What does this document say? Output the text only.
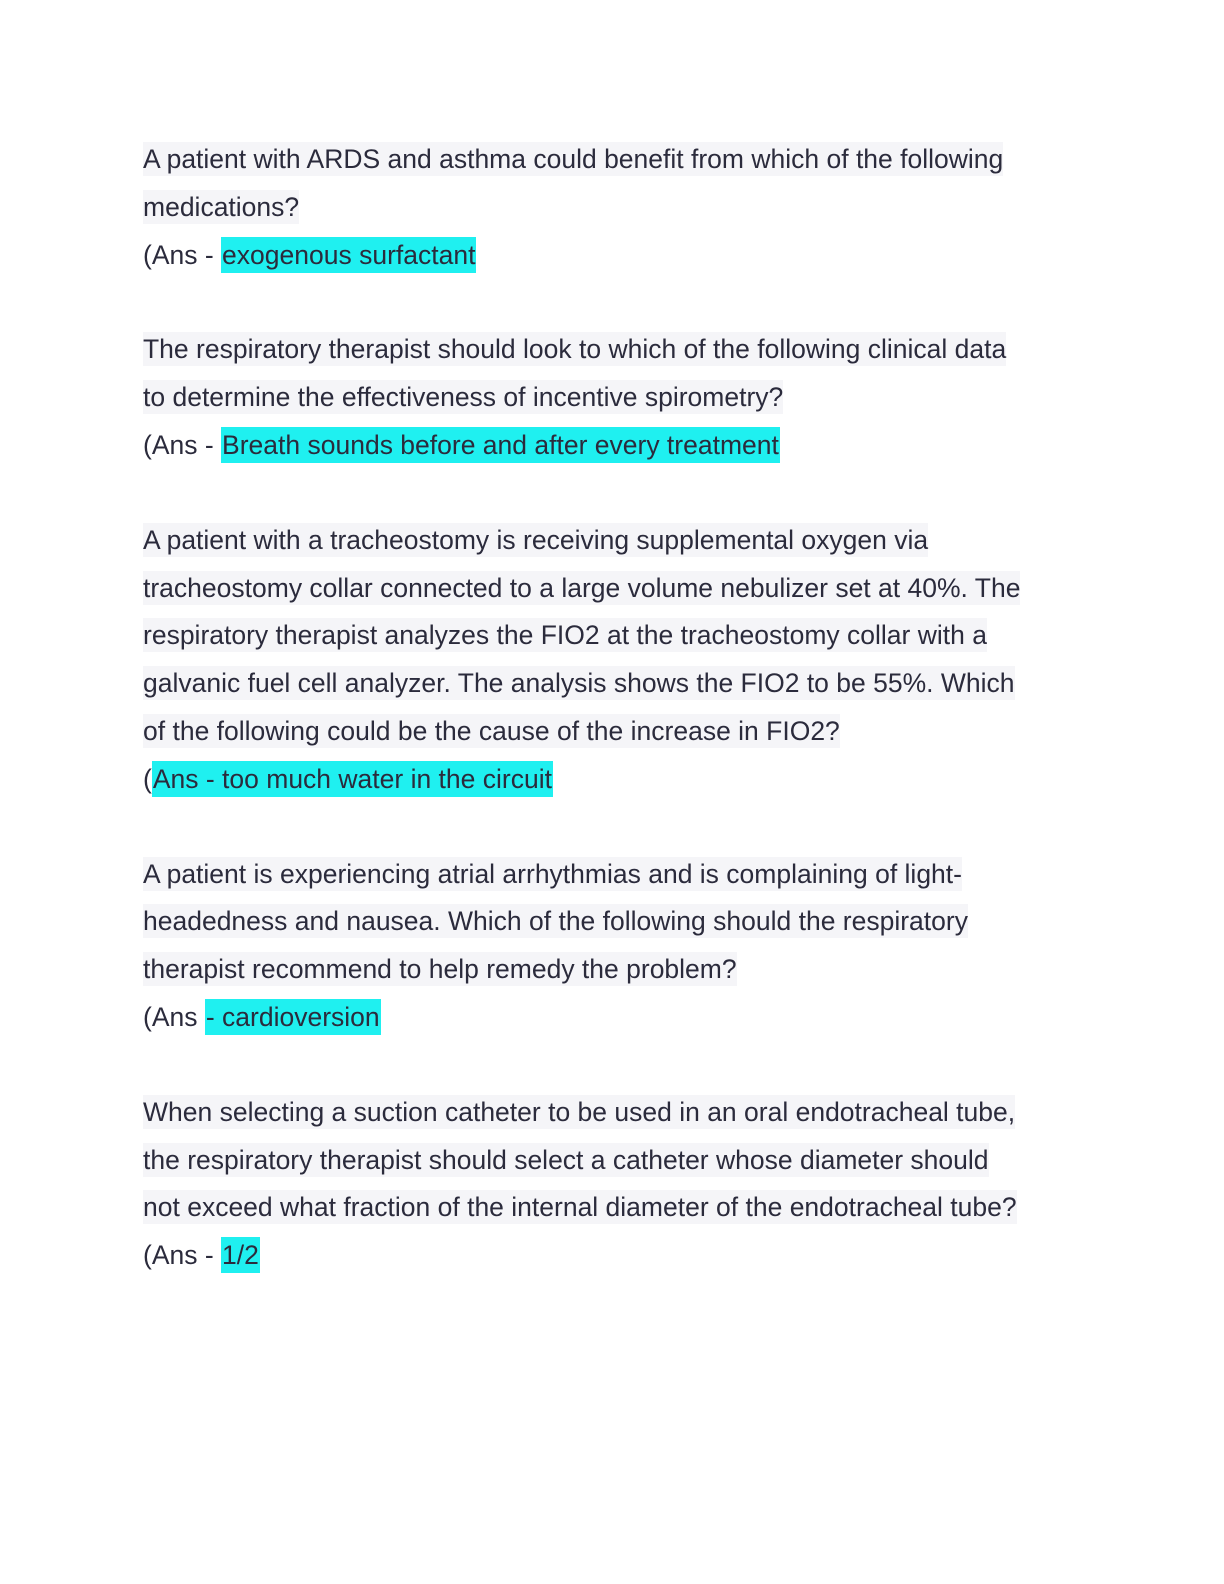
A patient with ARDS and asthma could benefit from which of the following
medications?
(Ans - exogenous surfactant
The respiratory therapist should look to which of the following clinical data
to determine the effectiveness of incentive spirometry?
(Ans - Breath sounds before and after every treatment
A patient with a tracheostomy is receiving supplemental oxygen via
tracheostomy collar connected to a large volume nebulizer set at 40%. The
respiratory therapist analyzes the FIO2 at the tracheostomy collar with a
galvanic fuel cell analyzer. The analysis shows the FIO2 to be 55%. Which
of the following could be the cause of the increase in FIO2?
(Ans - too much water in the circuit
A patient is experiencing atrial arrhythmias and is complaining of light-
headedness and nausea. Which of the following should the respiratory
therapist recommend to help remedy the problem?
(Ans - cardioversion
When selecting a suction catheter to be used in an oral endotracheal tube,
the respiratory therapist should select a catheter whose diameter should
not exceed what fraction of the internal diameter of the endotracheal tube?
(Ans - 1/2
